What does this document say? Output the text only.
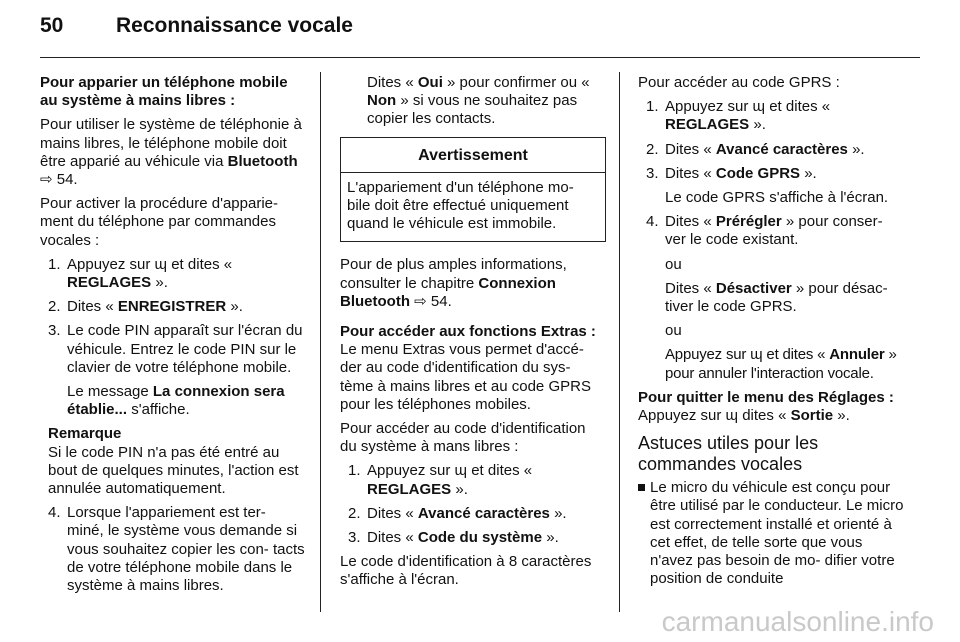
50	Reconnaissance vocale

Pour apparier un téléphone mobile au système à mains libres :

Pour utiliser le système de téléphonie à mains libres, le téléphone mobile doit être apparié au véhicule via Bluetooth ⇨ 54.

Pour activer la procédure d'apparie- ment du téléphone par commandes vocales :

1. Appuyez sur ɰ et dites « REGLAGES ».
2. Dites « ENREGISTRER ».
3. Le code PIN apparaît sur l'écran du véhicule. Entrez le code PIN sur le clavier de votre téléphone mobile.

Le message La connexion sera établie... s'affiche.

Remarque
Si le code PIN n'a pas été entré au bout de quelques minutes, l'action est annulée automatiquement.
4. Lorsque l'appariement est ter- miné, le système vous demande si vous souhaitez copier les con- tacts de votre téléphone mobile dans le système à mains libres.
Dites « Oui » pour confirmer ou « Non » si vous ne souhaitez pas copier les contacts.
Avertissement
L'appariement d'un téléphone mo- bile doit être effectué uniquement quand le véhicule est immobile.

Pour de plus amples informations, consulter le chapitre Connexion Bluetooth ⇨ 54.

Pour accéder aux fonctions Extras :

Le menu Extras vous permet d'accé- der au code d'identification du sys- tème à mains libres et au code GPRS pour les téléphones mobiles.

Pour accéder au code d'identification du système à mans libres :

1. Appuyez sur ɰ et dites « REGLAGES ».
2. Dites « Avancé caractères ».
3. Dites « Code du système ».

Le code d'identification à 8 caractères s'affiche à l'écran.

Pour accéder au code GPRS :

1. Appuyez sur ɰ et dites « REGLAGES ».
2. Dites « Avancé caractères ».
3. Dites « Code GPRS ».

Le code GPRS s'affiche à l'écran.

4. Dites « Prérégler » pour conser- ver le code existant.

ou

Dites « Désactiver » pour désac- tiver le code GPRS.

ou

Appuyez sur ɰ et dites « Annuler » pour annuler l'interaction vocale.

Pour quitter le menu des Réglages :

Appuyez sur ɰ dites « Sortie ».

Astuces utiles pour les commandes vocales
Le micro du véhicule est conçu pour être utilisé par le conducteur. Le micro est correctement installé et orienté à cet effet, de telle sorte que vous n'avez pas besoin de mo- difier votre position de conduite
carmanualsonline.info
